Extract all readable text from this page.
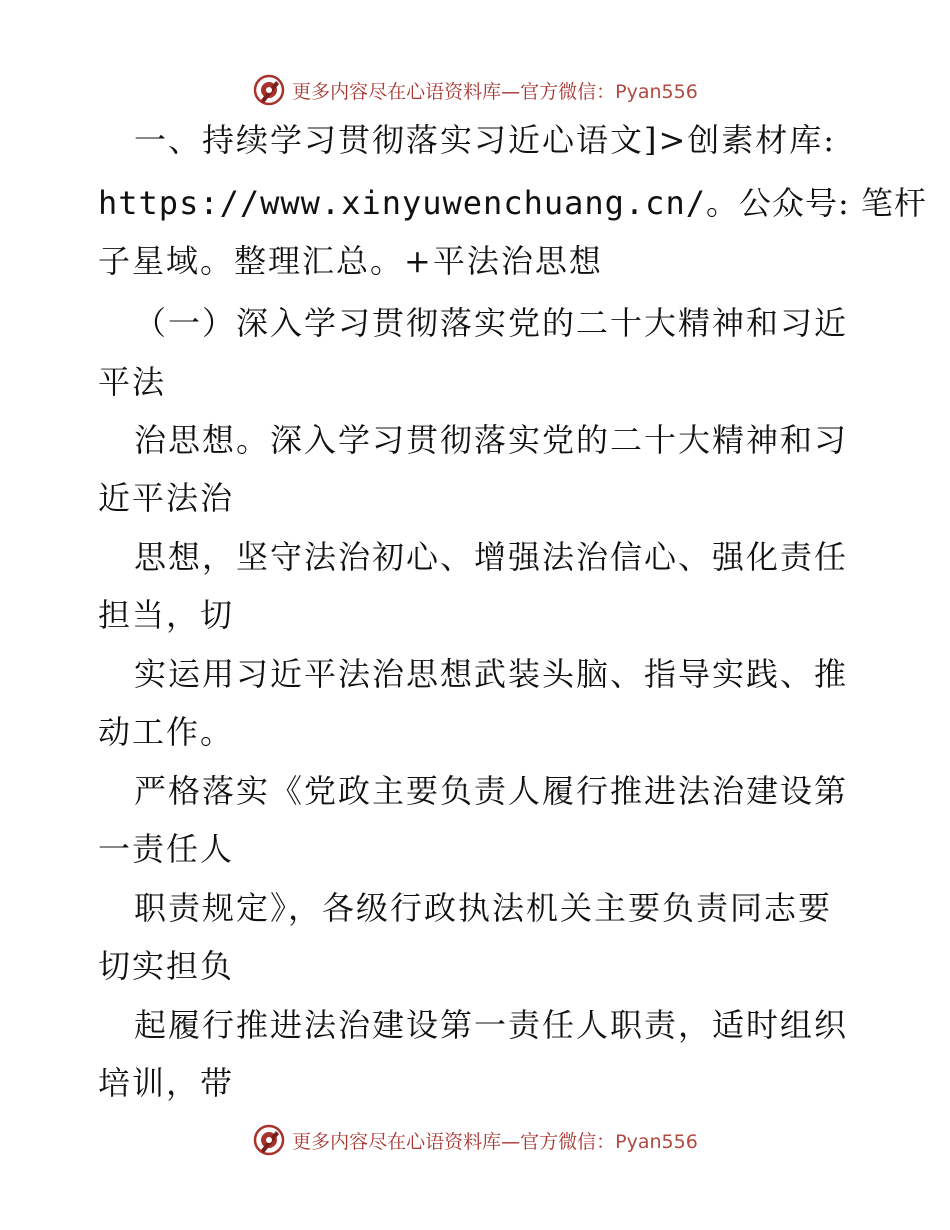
更多内容尽在心语资料库—官方微信：Pyan556
一、持续学习贯彻落实习近心语文]>创素材库:
https://www.xinyuwenchuang.cn/。公众号: 笔杆
子星域。整理汇总。+平法治思想
（一）深入学习贯彻落实党的二十大精神和习近
平法
治思想。深入学习贯彻落实党的二十大精神和习
近平法治
思想，坚守法治初心、增强法治信心、强化责任
担当，切
实运用习近平法治思想武装头脑、指导实践、推
动工作。
严格落实《党政主要负责人履行推进法治建设第
一责任人
职责规定》，各级行政执法机关主要负责同志要
切实担负
起履行推进法治建设第一责任人职责，适时组织
培训，带
更多内容尽在心语资料库—官方微信：Pyan556
